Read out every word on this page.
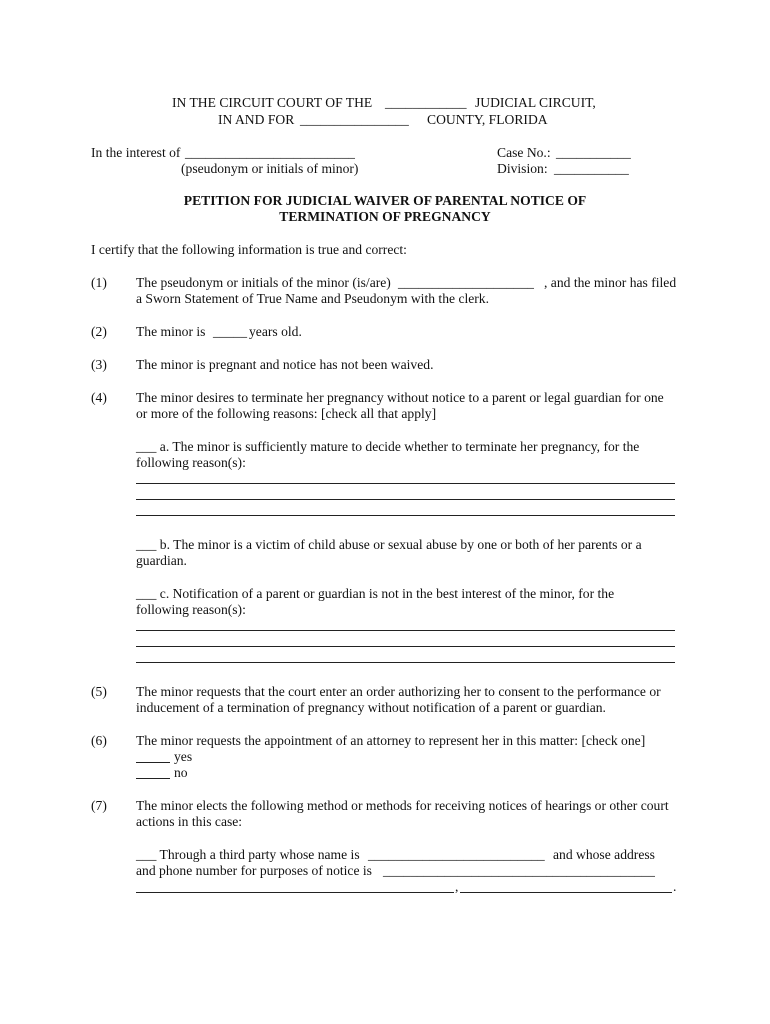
IN THE CIRCUIT COURT OF THE ____________ JUDICIAL CIRCUIT,
IN AND FOR ________________ COUNTY, FLORIDA
In the interest of _________________________
(pseudonym or initials of minor)
Case No.: ___________
Division: ___________
PETITION FOR JUDICIAL WAIVER OF PARENTAL NOTICE OF
TERMINATION OF PREGNANCY
I certify that the following information is true and correct:
(1) The pseudonym or initials of the minor (is/are) ____________________ , and the minor has filed
a Sworn Statement of True Name and Pseudonym with the clerk.
(2) The minor is _____ years old.
(3) The minor is pregnant and notice has not been waived.
(4) The minor desires to terminate her pregnancy without notice to a parent or legal guardian for one
or more of the following reasons: [check all that apply]
___ a. The minor is sufficiently mature to decide whether to terminate her pregnancy, for the
following reason(s):
___ b. The minor is a victim of child abuse or sexual abuse by one or both of her parents or a
guardian.
___ c. Notification of a parent or guardian is not in the best interest of the minor, for the
following reason(s):
(5) The minor requests that the court enter an order authorizing her to consent to the performance or
inducement of a termination of pregnancy without notification of a parent or guardian.
(6) The minor requests the appointment of an attorney to represent her in this matter: [check one]
yes
no
(7) The minor elects the following method or methods for receiving notices of hearings or other court
actions in this case:
___ Through a third party whose name is __________________________ and whose address
and phone number for purposes of notice is ________________________________________
,	.
